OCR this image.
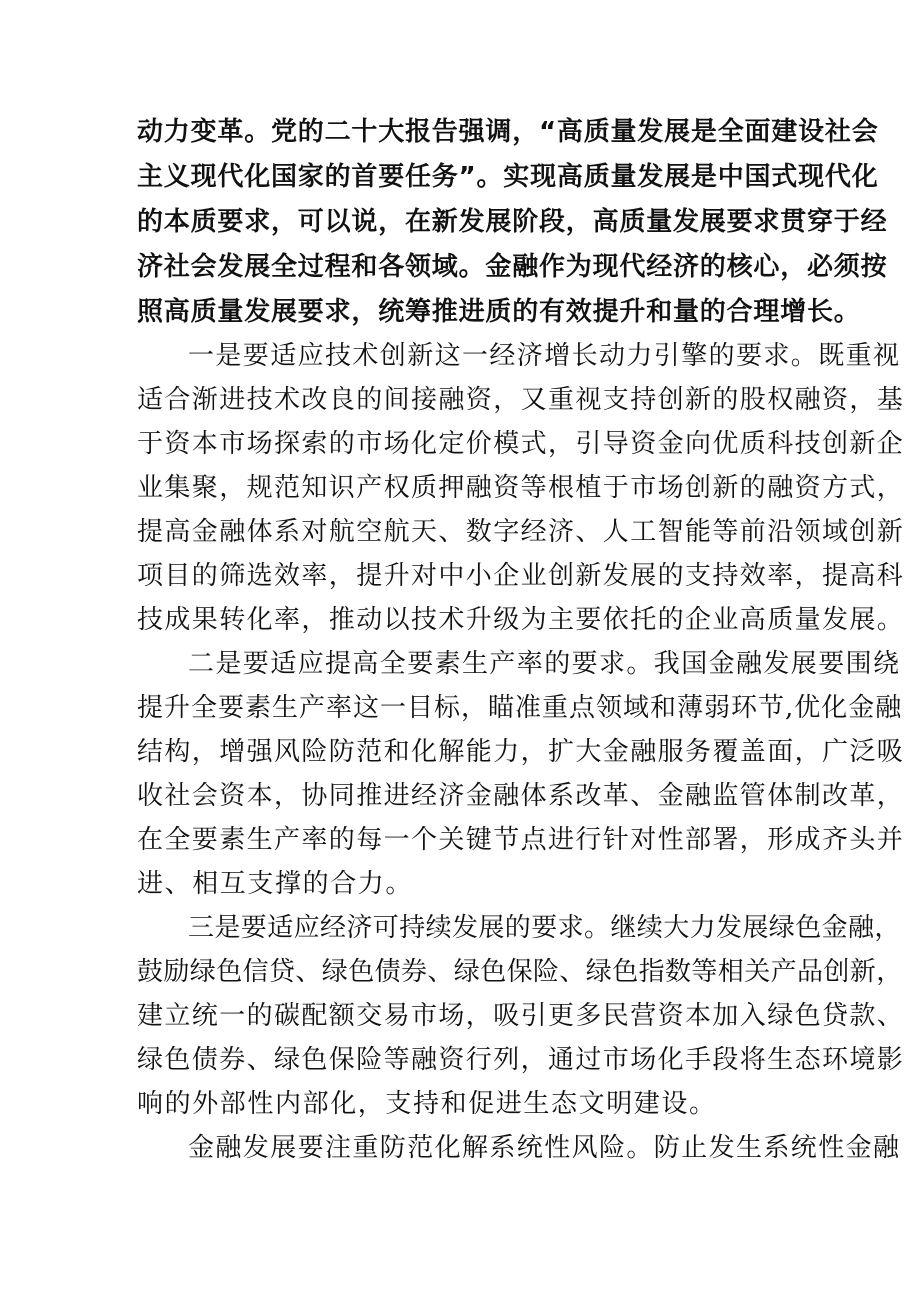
动力变革。党的二十大报告强调，“高质量发展是全面建设社会
主义现代化国家的首要任务”。实现高质量发展是中国式现代化
的本质要求，可以说，在新发展阶段，高质量发展要求贯穿于经
济社会发展全过程和各领域。金融作为现代经济的核心，必须按
照高质量发展要求，统筹推进质的有效提升和量的合理增长。
一是要适应技术创新这一经济增长动力引擎的要求。既重视
适合渐进技术改良的间接融资，又重视支持创新的股权融资，基
于资本市场探索的市场化定价模式，引导资金向优质科技创新企
业集聚，规范知识产权质押融资等根植于市场创新的融资方式，
提高金融体系对航空航天、数字经济、人工智能等前沿领域创新
项目的筛选效率，提升对中小企业创新发展的支持效率，提高科
技成果转化率，推动以技术升级为主要依托的企业高质量发展。
二是要适应提高全要素生产率的要求。我国金融发展要围绕
提升全要素生产率这一目标，瞄准重点领域和薄弱环节,优化金融
结构，增强风险防范和化解能力，扩大金融服务覆盖面，广泛吸
收社会资本，协同推进经济金融体系改革、金融监管体制改革，
在全要素生产率的每一个关键节点进行针对性部署，形成齐头并
进、相互支撑的合力。
三是要适应经济可持续发展的要求。继续大力发展绿色金融，
鼓励绿色信贷、绿色债券、绿色保险、绿色指数等相关产品创新，
建立统一的碳配额交易市场，吸引更多民营资本加入绿色贷款、
绿色债券、绿色保险等融资行列，通过市场化手段将生态环境影
响的外部性内部化，支持和促进生态文明建设。
金融发展要注重防范化解系统性风险。防止发生系统性金融
